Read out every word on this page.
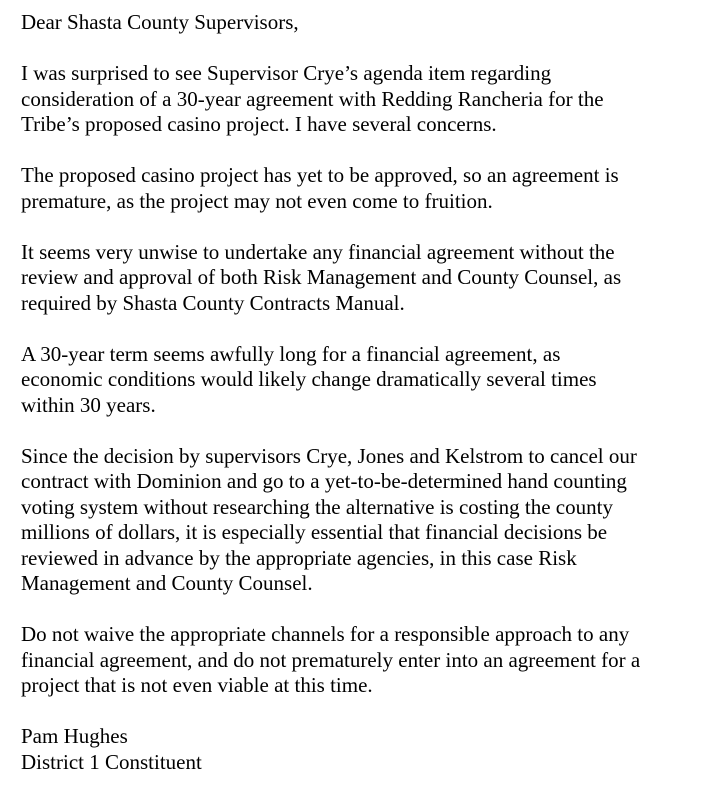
Dear Shasta County Supervisors,
I was surprised to see Supervisor Crye’s agenda item regarding
consideration of a 30-year agreement with Redding Rancheria for the
Tribe’s proposed casino project. I have several concerns.
The proposed casino project has yet to be approved, so an agreement is
premature, as the project may not even come to fruition.
It seems very unwise to undertake any financial agreement without the
review and approval of both Risk Management and County Counsel, as
required by Shasta County Contracts Manual.
A 30-year term seems awfully long for a financial agreement, as
economic conditions would likely change dramatically several times
within 30 years.
Since the decision by supervisors Crye, Jones and Kelstrom to cancel our
contract with Dominion and go to a yet-to-be-determined hand counting
voting system without researching the alternative is costing the county
millions of dollars, it is especially essential that financial decisions be
reviewed in advance by the appropriate agencies, in this case Risk
Management and County Counsel.
Do not waive the appropriate channels for a responsible approach to any
financial agreement, and do not prematurely enter into an agreement for a
project that is not even viable at this time.
Pam Hughes
District 1 Constituent
